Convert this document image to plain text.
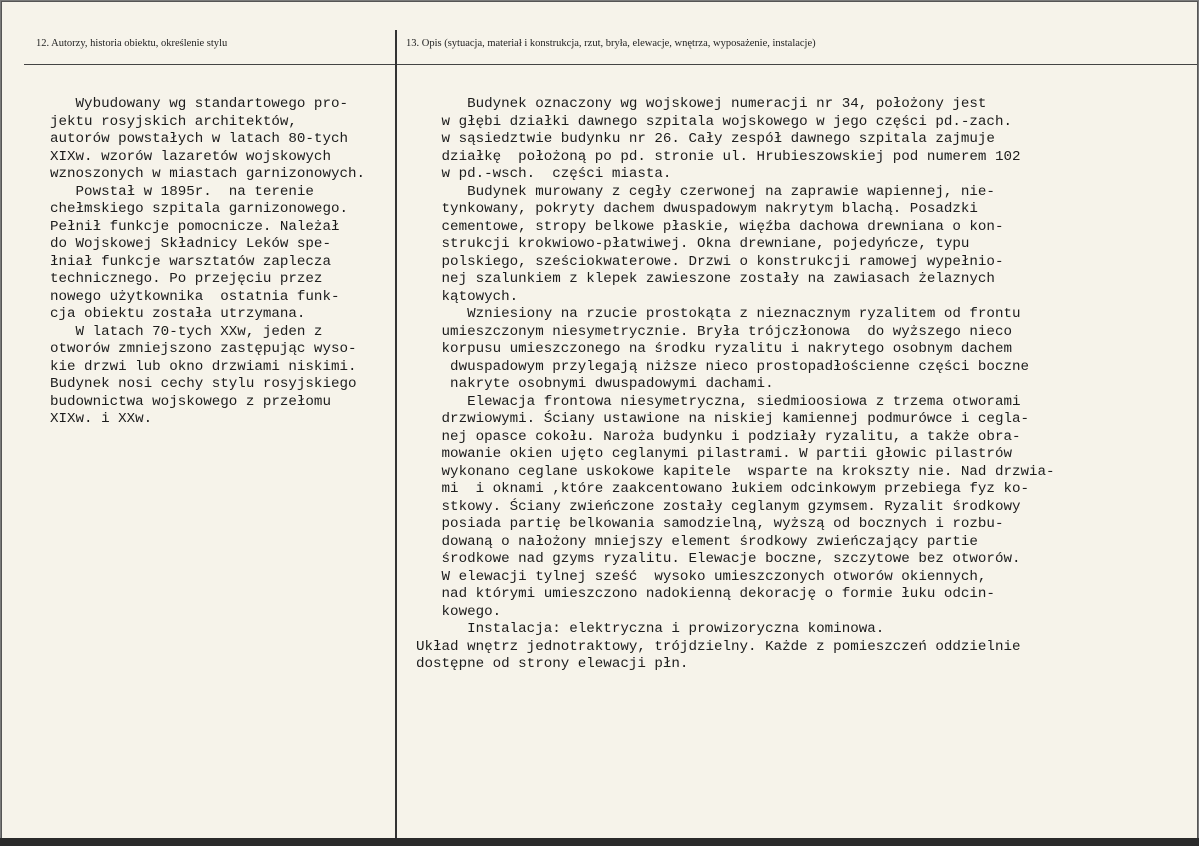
12. Autorzy, historia obiektu, określenie stylu	13. Opis (sytuacja, materiał i konstrukcja, rzut, bryła, elewacje, wnętrza, wyposażenie, instalacje)
Wybudowany wg standartowego pro-
jektu rosyjskich architektów,
autorów powstałych w latach 80-tych
XIXw. wzorów lazaretów wojskowych
wznoszonych w miastach garnizonowych.
Powstał w 1895r.  na terenie
chełmskiego szpitala garnizonowego.
Pełnił funkcje pomocnicze. Należał
do Wojskowej Składnicy Leków spe-
łniał funkcje warsztatów zaplecza
technicznego. Po przejęciu przez
nowego użytkownika  ostatnia funk-
cja obiektu została utrzymana.
W latach 70-tych XXw, jeden z
otworów zmniejszono zastępując wyso-
kie drzwi lub okno drzwiami niskimi.
Budynek nosi cechy stylu rosyjskiego
budownictwa wojskowego z przełomu
XIXw. i XXw.
Budynek oznaczony wg wojskowej numeracji nr 34, położony jest
w głębi działki dawnego szpitala wojskowego w jego części pd.-zach.
w sąsiedztwie budynku nr 26. Cały zespół dawnego szpitala zajmuje
działkę  położoną po pd. stronie ul. Hrubieszowskiej pod numerem 102
w pd.-wsch.  części miasta.
Budynek murowany z cegły czerwonej na zaprawie wapiennej, nie-
tynkowany, pokryty dachem dwuspadowym nakrytym blachą. Posadzki
cementowe, stropy belkowe płaskie, więźba dachowa drewniana o kon-
strukcji krokwiowo-płatwiwej. Okna drewniane, pojedyńcze, typu
polskiego, sześciokwaterowe. Drzwi o konstrukcji ramowej wypełnio-
nej szalunkiem z klepek zawieszone zostały na zawiasach żelaznych
kątowych.
Wzniesiony na rzucie prostokąta z nieznacznym ryzalitem od frontu
umieszczonym niesymetrycznie. Bryła trójczłonowa  do wyższego nieco
korpusu umieszczonego na środku ryzalitu i nakrytego osobnym dachem
dwuspadowym przylegają niższe nieco prostopadłościenne części boczne
nakryte osobnymi dwuspadowymi dachami.
Elewacja frontowa niesymetryczna, siedmioosiowa z trzema otworami
drzwiowymi. Ściany ustawione na niskiej kamiennej podmurówce i cegla-
nej opasce cokołu. Naroża budynku i podziały ryzalitu, a także obra-
mowanie okien ujęto ceglanymi pilastrami. W partii głowic pilastrów
wykonano ceglane uskokowe kapitele  wsparte na krokszty nie. Nad drzwia-
mi  i oknami ,które zaakcentowano łukiem odcinkowym przebiega fyz ko-
stkowy. Ściany zwieńczone zostały ceglanym gzymsem. Ryzalit środkowy
posiada partię belkowania samodzielną, wyższą od bocznych i rozbu-
dowaną o nałożony mniejszy element środkowy zwieńczający partie
środkowe nad gzyms ryzalitu. Elewacje boczne, szczytowe bez otworów.
W elewacji tylnej sześć  wysoko umieszczonych otworów okiennych,
nad którymi umieszczono nadokienną dekorację o formie łuku odcin-
kowego.
Instalacja: elektryczna i prowizoryczna kominowa.
Układ wnętrz jednotraktowy, trójdzielny. Każde z pomieszczeń oddzielnie
dostępne od strony elewacji płn.
